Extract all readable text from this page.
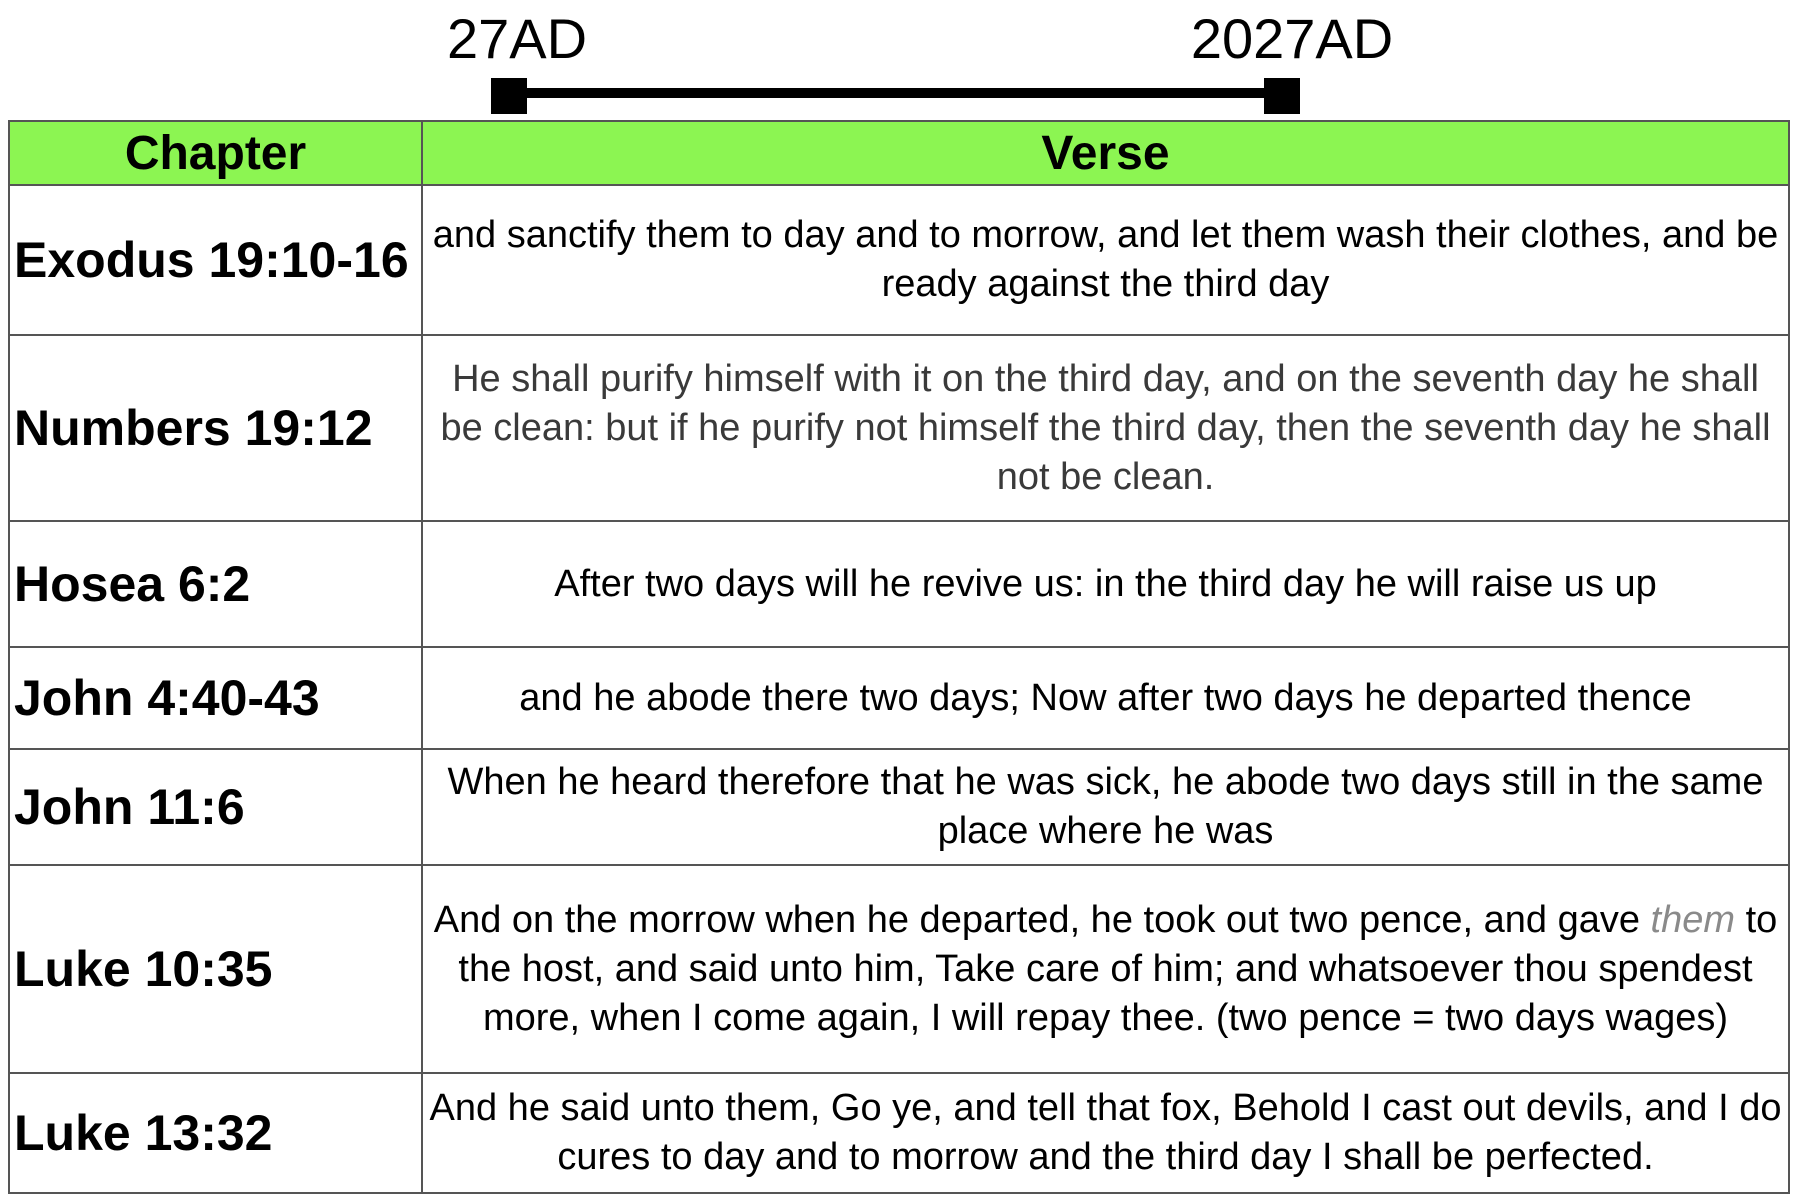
27AD	2027AD
Chapter	Verse
Exodus 19:10-16	and sanctify them to day and to morrow, and let them wash their clothes, and be ready against the third day
Numbers 19:12	He shall purify himself with it on the third day, and on the seventh day he shall be clean: but if he purify not himself the third day, then the seventh day he shall not be clean.
Hosea 6:2	After two days will he revive us: in the third day he will raise us up
John 4:40-43	and he abode there two days; Now after two days he departed thence
John 11:6	When he heard therefore that he was sick, he abode two days still in the same place where he was
Luke 10:35	And on the morrow when he departed, he took out two pence, and gave them to the host, and said unto him, Take care of him; and whatsoever thou spendest more, when I come again, I will repay thee. (two pence = two days wages)
Luke 13:32	And he said unto them, Go ye, and tell that fox, Behold I cast out devils, and I do cures to day and to morrow and the third day I shall be perfected.
